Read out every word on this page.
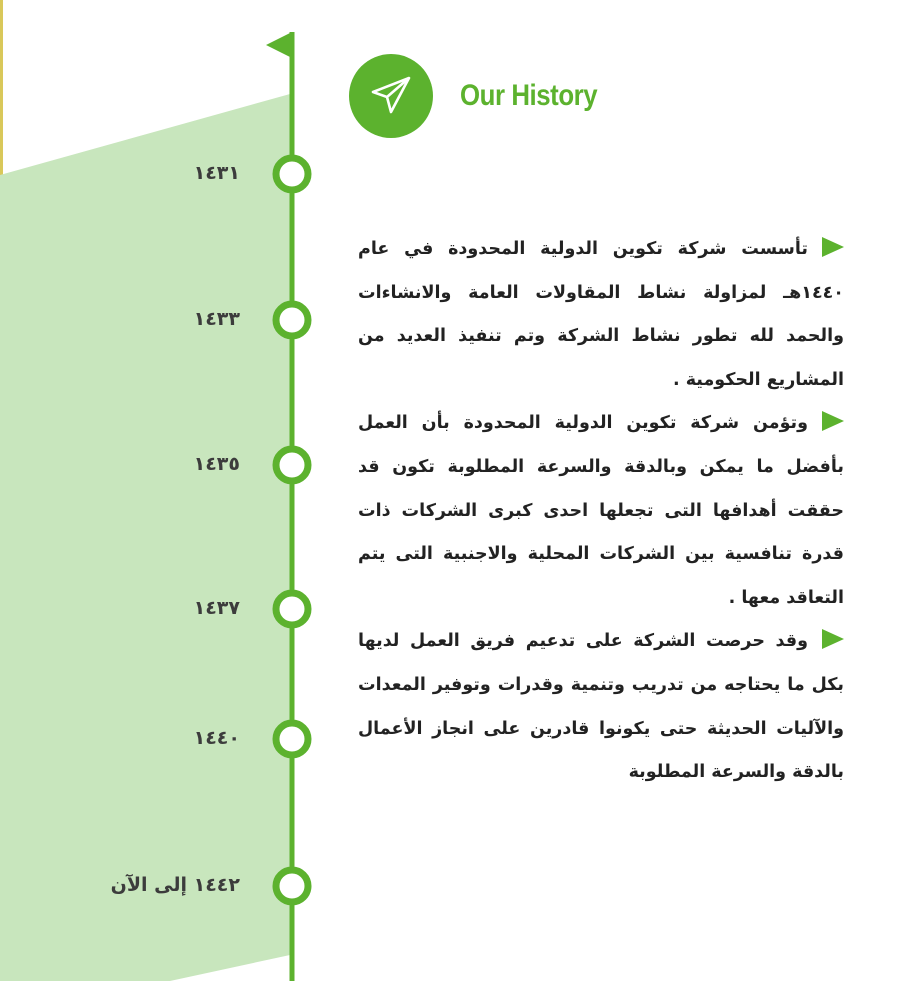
١٤٣١
١٤٣٣
١٤٣٥
١٤٣٧
١٤٤٠
١٤٤٢ إلى الآن
Our History

تأسست شركة تكوين الدولية المحدودة في عام ١٤٤٠هـ لمزاولة نشاط المقاولات العامة والانشاءات والحمد لله تطور نشاط الشركة وتم تنفيذ العديد من المشاريع الحكومية .

وتؤمن شركة تكوين الدولية المحدودة بأن العمل بأفضل ما يمكن وبالدقة والسرعة المطلوبة تكون قد حققت أهدافها التى تجعلها احدى كبرى الشركات ذات قدرة تنافسية بين الشركات المحلية والاجنبية التى يتم التعاقد معها .

وقد حرصت الشركة على تدعيم فريق العمل لديها بكل ما يحتاجه من تدريب وتنمية وقدرات وتوفير المعدات والآليات الحديثة حتى يكونوا قادرين على انجاز الأعمال بالدقة والسرعة المطلوبة
